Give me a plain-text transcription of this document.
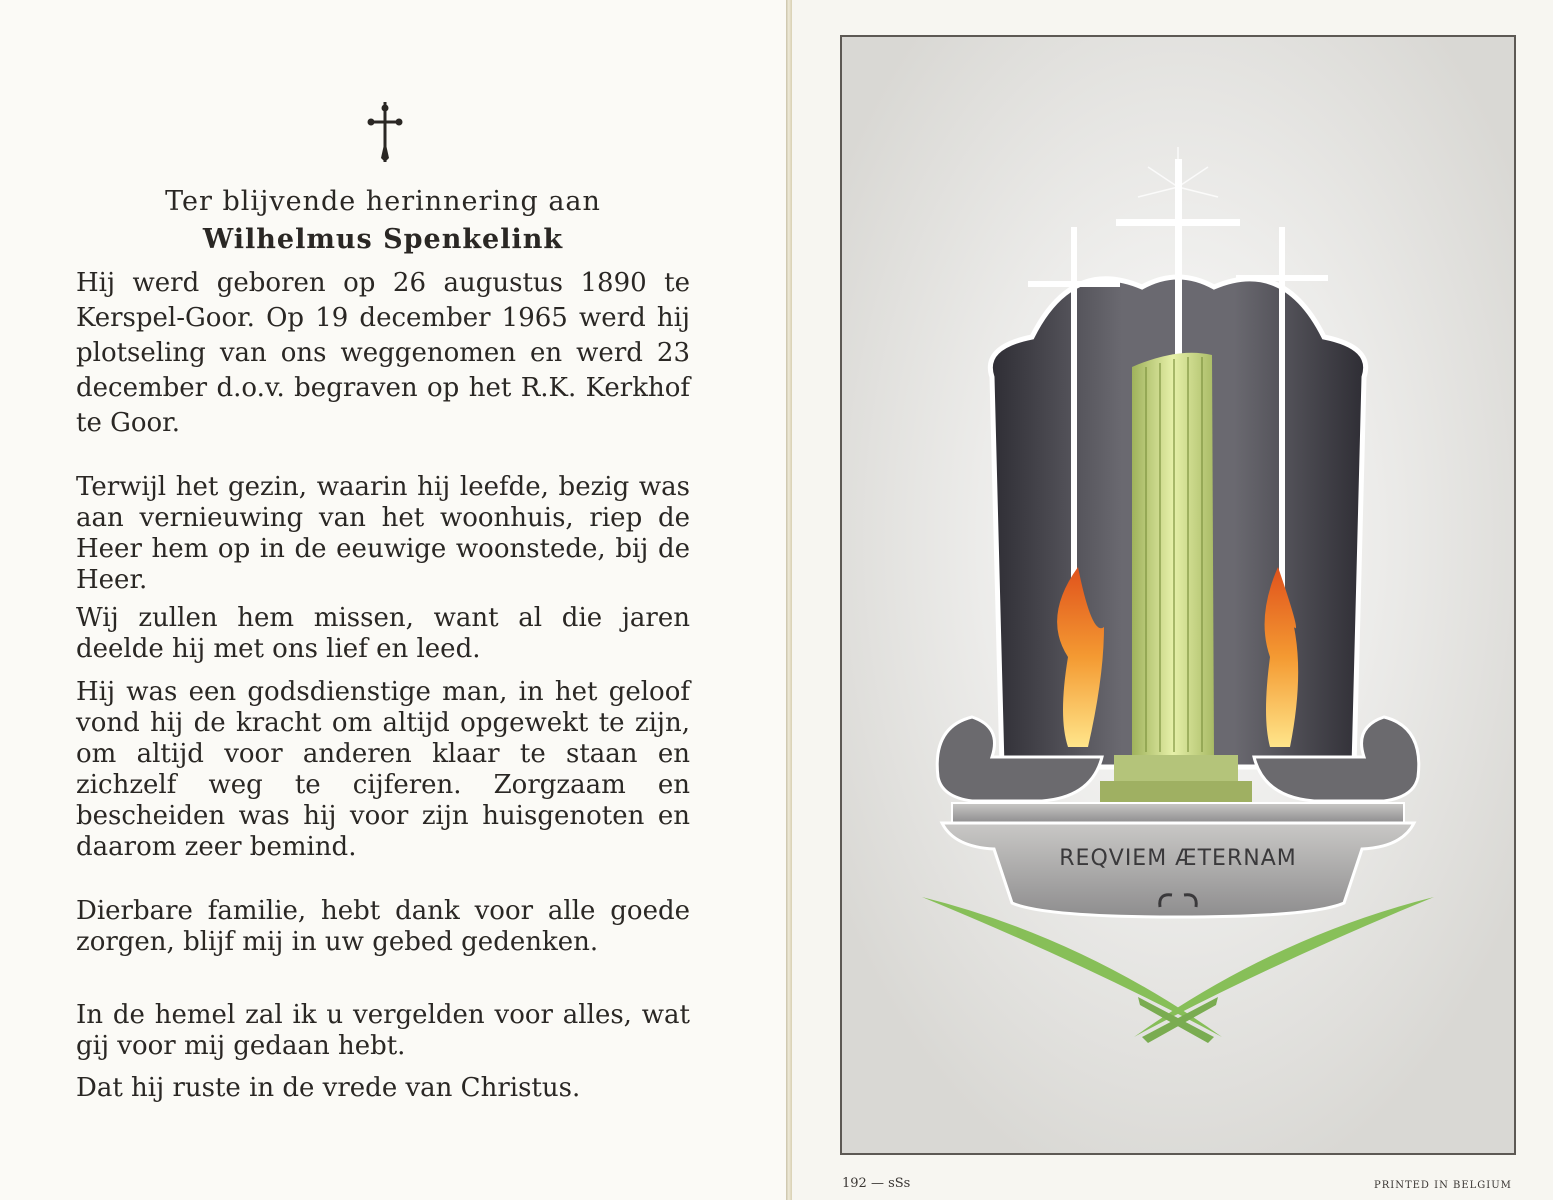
Ter blijvende herinnering aan
Wilhelmus Spenkelink

Hij werd geboren op 26 augustus 1890 te Kerspel-Goor. Op 19 december 1965 werd hij plotseling van ons weggenomen en werd 23 december d.o.v. begraven op het R.K. Kerkhof te Goor.

Terwijl het gezin, waarin hij leefde, bezig was aan vernieuwing van het woonhuis, riep de Heer hem op in de eeuwige woonstede, bij de Heer.

Wij zullen hem missen, want al die jaren deelde hij met ons lief en leed.

Hij was een godsdienstige man, in het geloof vond hij de kracht om altijd opgewekt te zijn, om altijd voor anderen klaar te staan en zichzelf weg te cijferen. Zorgzaam en bescheiden was hij voor zijn huisgenoten en daarom zeer bemind.

Dierbare familie, hebt dank voor alle goede zorgen, blijf mij in uw gebed gedenken.

In de hemel zal ik u vergelden voor alles, wat gij voor mij gedaan hebt.

Dat hij ruste in de vrede van Christus.

REQVIEM ÆTERNAM
192 — sSs	PRINTED IN BELGIUM
